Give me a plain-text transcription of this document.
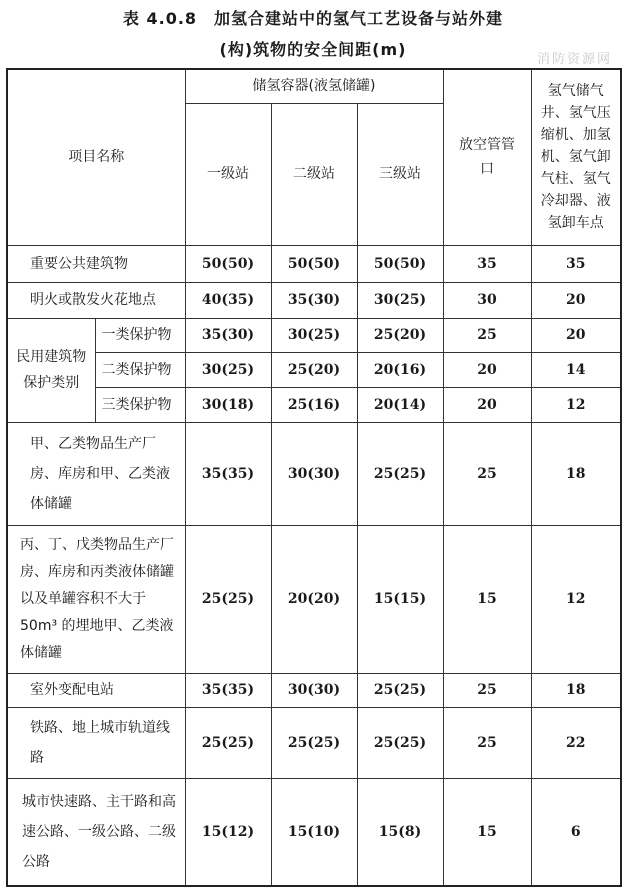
表 4.0.8　加氢合建站中的氢气工艺设备与站外建
(构)筑物的安全间距(m)
消防资源网
项目名称		储氢容器(液氢储罐)			放空管管口	氢气储气井、氢气压缩机、加氢机、氢气卸气柱、氢气冷却器、液氢卸车点
		一级站	二级站	三级站		
重要公共建筑物		50(50)	50(50)	50(50)	35	35
明火或散发火花地点		40(35)	35(30)	30(25)	30	20
民用建筑物保护类别	一类保护物	35(30)	30(25)	25(20)	25	20
	二类保护物	30(25)	25(20)	20(16)	20	14
	三类保护物	30(18)	25(16)	20(14)	20	12
甲、乙类物品生产厂房、库房和甲、乙类液体储罐		35(35)	30(30)	25(25)	25	18
丙、丁、戊类物品生产厂房、库房和丙类液体储罐以及单罐容积不大于 50m³ 的埋地甲、乙类液体储罐		25(25)	20(20)	15(15)	15	12
室外变配电站		35(35)	30(30)	25(25)	25	18
铁路、地上城市轨道线路		25(25)	25(25)	25(25)	25	22
城市快速路、主干路和高速公路、一级公路、二级公路		15(12)	15(10)	15(8)	15	6
